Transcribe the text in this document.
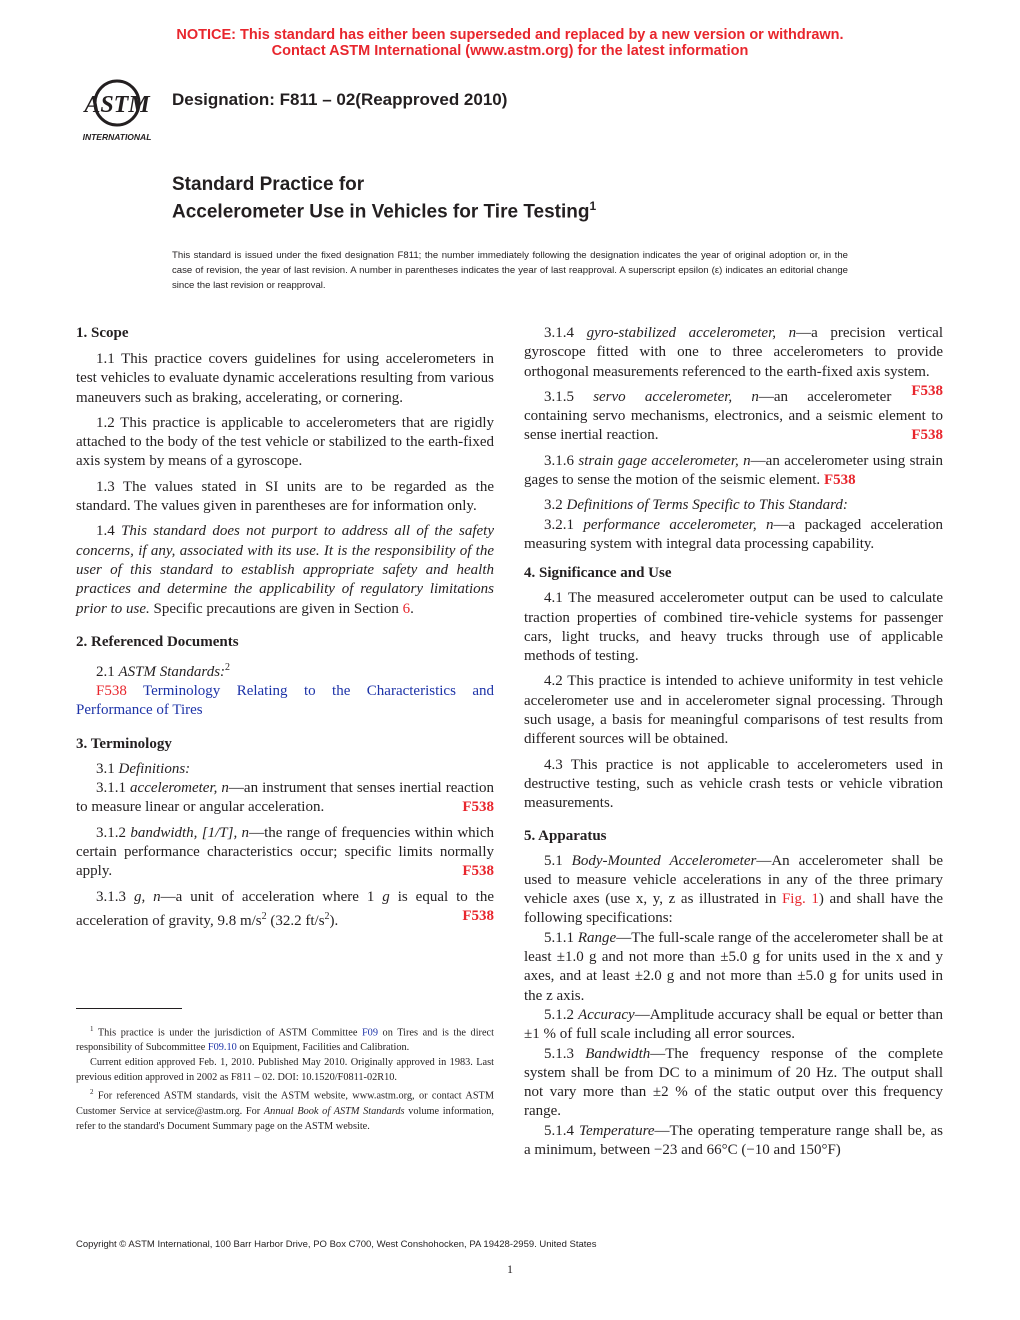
NOTICE: This standard has either been superseded and replaced by a new version or withdrawn.
Contact ASTM International (www.astm.org) for the latest information
ASTM
INTERNATIONAL
Designation: F811 – 02(Reapproved 2010)
Standard Practice for
Accelerometer Use in Vehicles for Tire Testing$^1$
This standard is issued under the fixed designation F811; the number immediately following the designation indicates the year of original adoption or, in the case of revision, the year of last revision. A number in parentheses indicates the year of last reapproval. A superscript epsilon (ε) indicates an editorial change since the last revision or reapproval.
1. Scope

1.1 This practice covers guidelines for using accelerometers in test vehicles to evaluate dynamic accelerations resulting from various maneuvers such as braking, accelerating, or cornering.

1.2 This practice is applicable to accelerometers that are rigidly attached to the body of the test vehicle or stabilized to the earth-fixed axis system by means of a gyroscope.

1.3 The values stated in SI units are to be regarded as the standard. The values given in parentheses are for information only.

1.4 This standard does not purport to address all of the safety concerns, if any, associated with its use. It is the responsibility of the user of this standard to establish appropriate safety and health practices and determine the applicability of regulatory limitations prior to use. Specific precautions are given in Section 6.

2. Referenced Documents

2.1 ASTM Standards:$^2$

F538 Terminology Relating to the Characteristics and Performance of Tires

3. Terminology

3.1 Definitions:

3.1.1 accelerometer, n—an instrument that senses inertial reaction to measure linear or angular acceleration.	F538

3.1.2 bandwidth, [1/T], n—the range of frequencies within which certain performance characteristics occur; specific limits normally apply.	F538

3.1.3 g, n—a unit of acceleration where 1 g is equal to the acceleration of gravity, 9.8 $m/s^2$ (32.2 $ft/s^2$).	F538

$^1$ This practice is under the jurisdiction of ASTM Committee F09 on Tires and is the direct responsibility of Subcommittee F09.10 on Equipment, Facilities and Calibration.

Current edition approved Feb. 1, 2010. Published May 2010. Originally approved in 1983. Last previous edition approved in 2002 as F811 – 02. DOI: 10.1520/F0811-02R10.

$^2$ For referenced ASTM standards, visit the ASTM website, www.astm.org, or contact ASTM Customer Service at service@astm.org. For Annual Book of ASTM Standards volume information, refer to the standard's Document Summary page on the ASTM website.

3.1.4 gyro-stabilized accelerometer, n—a precision vertical gyroscope fitted with one to three accelerometers to provide orthogonal measurements referenced to the earth-fixed axis system.
F538

3.1.5 servo accelerometer, n—an accelerometer containing servo mechanisms, electronics, and a seismic element to sense inertial reaction.	F538

3.1.6 strain gage accelerometer, n—an accelerometer using strain gages to sense the motion of the seismic element. F538

3.2 Definitions of Terms Specific to This Standard:

3.2.1 performance accelerometer, n—a packaged acceleration measuring system with integral data processing capability.

4. Significance and Use

4.1 The measured accelerometer output can be used to calculate traction properties of combined tire-vehicle systems for passenger cars, light trucks, and heavy trucks through use of applicable methods of testing.

4.2 This practice is intended to achieve uniformity in test vehicle accelerometer use and in accelerometer signal processing. Through such usage, a basis for meaningful comparisons of test results from different sources will be obtained.

4.3 This practice is not applicable to accelerometers used in destructive testing, such as vehicle crash tests or vehicle vibration measurements.

5. Apparatus

5.1 Body-Mounted Accelerometer—An accelerometer shall be used to measure vehicle accelerations in any of the three primary vehicle axes (use x, y, z as illustrated in Fig. 1) and shall have the following specifications:

5.1.1 Range—The full-scale range of the accelerometer shall be at least ±1.0 g and not more than ±5.0 g for units used in the x and y axes, and at least ±2.0 g and not more than ±5.0 g for units used in the z axis.

5.1.2 Accuracy—Amplitude accuracy shall be equal or better than ±1 % of full scale including all error sources.

5.1.3 Bandwidth—The frequency response of the complete system shall be from DC to a minimum of 20 Hz. The output shall not vary more than ±2 % of the static output over this frequency range.

5.1.4 Temperature—The operating temperature range shall be, as a minimum, between −23 and 66°C (−10 and 150°F)

Copyright © ASTM International, 100 Barr Harbor Drive, PO Box C700, West Conshohocken, PA 19428-2959. United States
1
